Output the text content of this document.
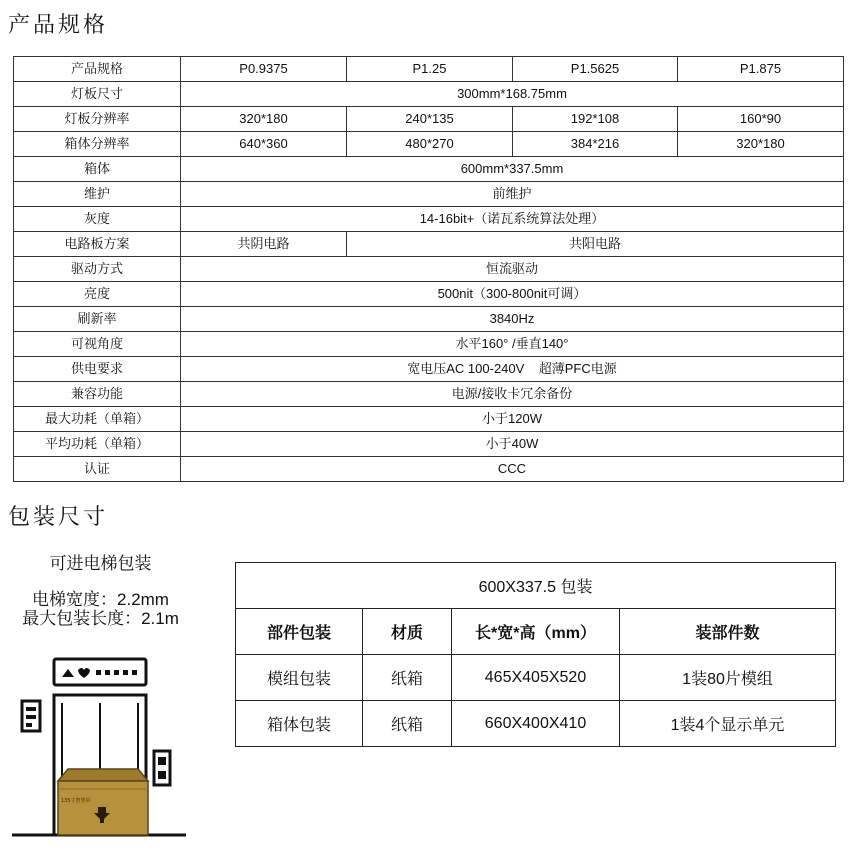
产品规格
产品规格	P0.9375	P1.25	P1.5625	P1.875
灯板尺寸	300mm*168.75mm			
灯板分辨率	320*180	240*135	192*108	160*90
箱体分辨率	640*360	480*270	384*216	320*180
箱体	600mm*337.5mm			
维护	前维护			
灰度	14-16bit+（诺瓦系统算法处理）			
电路板方案	共阴电路	共阳电路		
驱动方式	恒流驱动			
亮度	500nit（300-800nit可调）			
刷新率	3840Hz			
可视角度	水平160° /垂直140°			
供电要求	宽电压AC 100-240V    超薄PFC电源			
兼容功能	电源/接收卡冗余备份			
最大功耗（单箱）	小于120W			
平均功耗（单箱）	小于40W			
认证	CCC			
包装尺寸
可进电梯包装
电梯宽度：2.2mm
最大包装长度：2.1m
135寸智慧屏
600X337.5 包装			
部件包装	材质	长*宽*高（mm）	装部件数
模组包装	纸箱	465X405X520	1装80片模组
箱体包装	纸箱	660X400X410	1装4个显示单元
